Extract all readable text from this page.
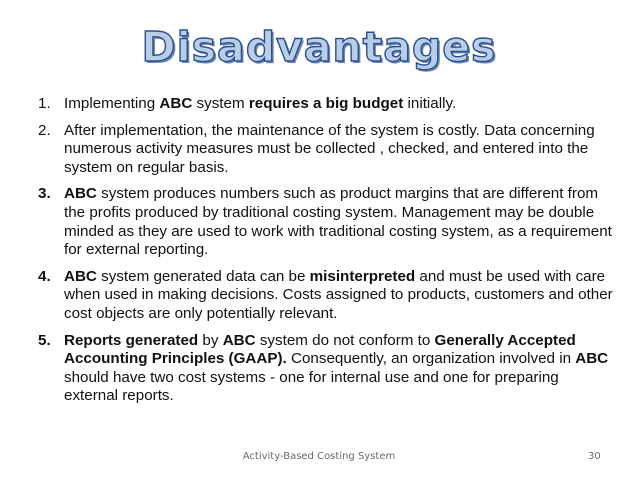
Disadvantages
1. Implementing ABC system requires a big budget initially.
2. After implementation, the maintenance of the system is costly. Data concerning numerous activity measures must be collected , checked, and entered into the system on regular basis.
3. ABC system produces numbers such as product margins that are different from the profits produced by traditional costing system. Management may be double minded as they are used to work with traditional costing system, as a requirement for external reporting.
4. ABC system generated data can be misinterpreted and must be used with care when used in making decisions. Costs assigned to products, customers and other cost objects are only potentially relevant.
5. Reports generated by ABC system do not conform to Generally Accepted Accounting Principles (GAAP). Consequently, an organization involved in ABC should have two cost systems - one for internal use and one for preparing external reports.
Activity-Based Costing System	30
